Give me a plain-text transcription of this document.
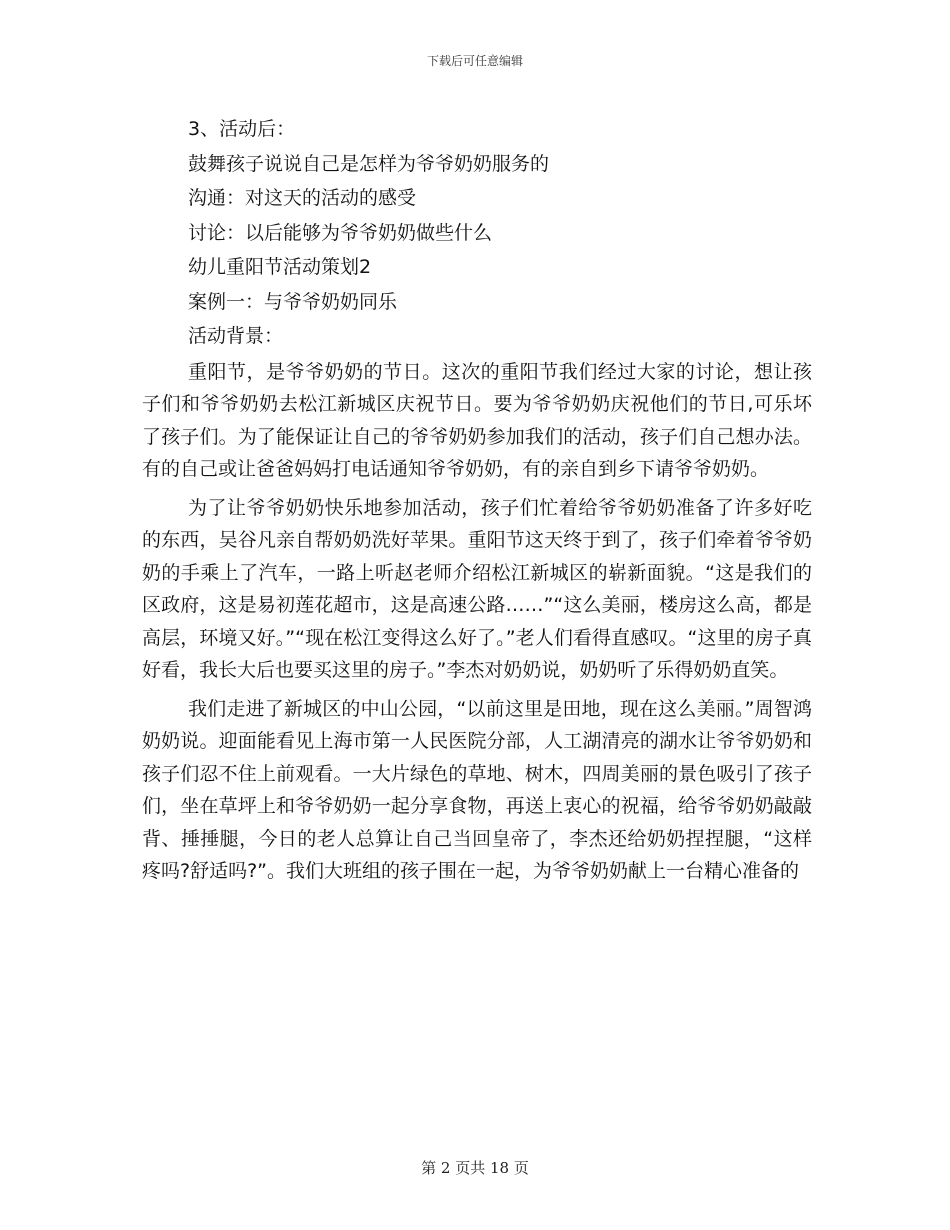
下载后可任意编辑

3、活动后：

鼓舞孩子说说自己是怎样为爷爷奶奶服务的

沟通：对这天的活动的感受

讨论：以后能够为爷爷奶奶做些什么

幼儿重阳节活动策划2

案例一：与爷爷奶奶同乐

活动背景：

重阳节，是爷爷奶奶的节日。这次的重阳节我们经过大家的讨论，想让孩子们和爷爷奶奶去松江新城区庆祝节日。要为爷爷奶奶庆祝他们的节日,可乐坏了孩子们。为了能保证让自己的爷爷奶奶参加我们的活动，孩子们自己想办法。有的自己或让爸爸妈妈打电话通知爷爷奶奶，有的亲自到乡下请爷爷奶奶。

为了让爷爷奶奶快乐地参加活动，孩子们忙着给爷爷奶奶准备了许多好吃的东西，吴谷凡亲自帮奶奶洗好苹果。重阳节这天终于到了，孩子们牵着爷爷奶奶的手乘上了汽车，一路上听赵老师介绍松江新城区的崭新面貌。“这是我们的区政府，这是易初莲花超市，这是高速公路……”“这么美丽，楼房这么高，都是高层，环境又好。”“现在松江变得这么好了。”老人们看得直感叹。“这里的房子真好看，我长大后也要买这里的房子。”李杰对奶奶说，奶奶听了乐得奶奶直笑。

我们走进了新城区的中山公园，“以前这里是田地，现在这么美丽。”周智鸿奶奶说。迎面能看见上海市第一人民医院分部，人工湖清亮的湖水让爷爷奶奶和孩子们忍不住上前观看。一大片绿色的草地、树木，四周美丽的景色吸引了孩子们，坐在草坪上和爷爷奶奶一起分享食物，再送上衷心的祝福，给爷爷奶奶敲敲背、捶捶腿，今日的老人总算让自己当回皇帝了，李杰还给奶奶捏捏腿，“这样疼吗?舒适吗?”。我们大班组的孩子围在一起，为爷爷奶奶献上一台精心准备的

第 2 页共 18 页
